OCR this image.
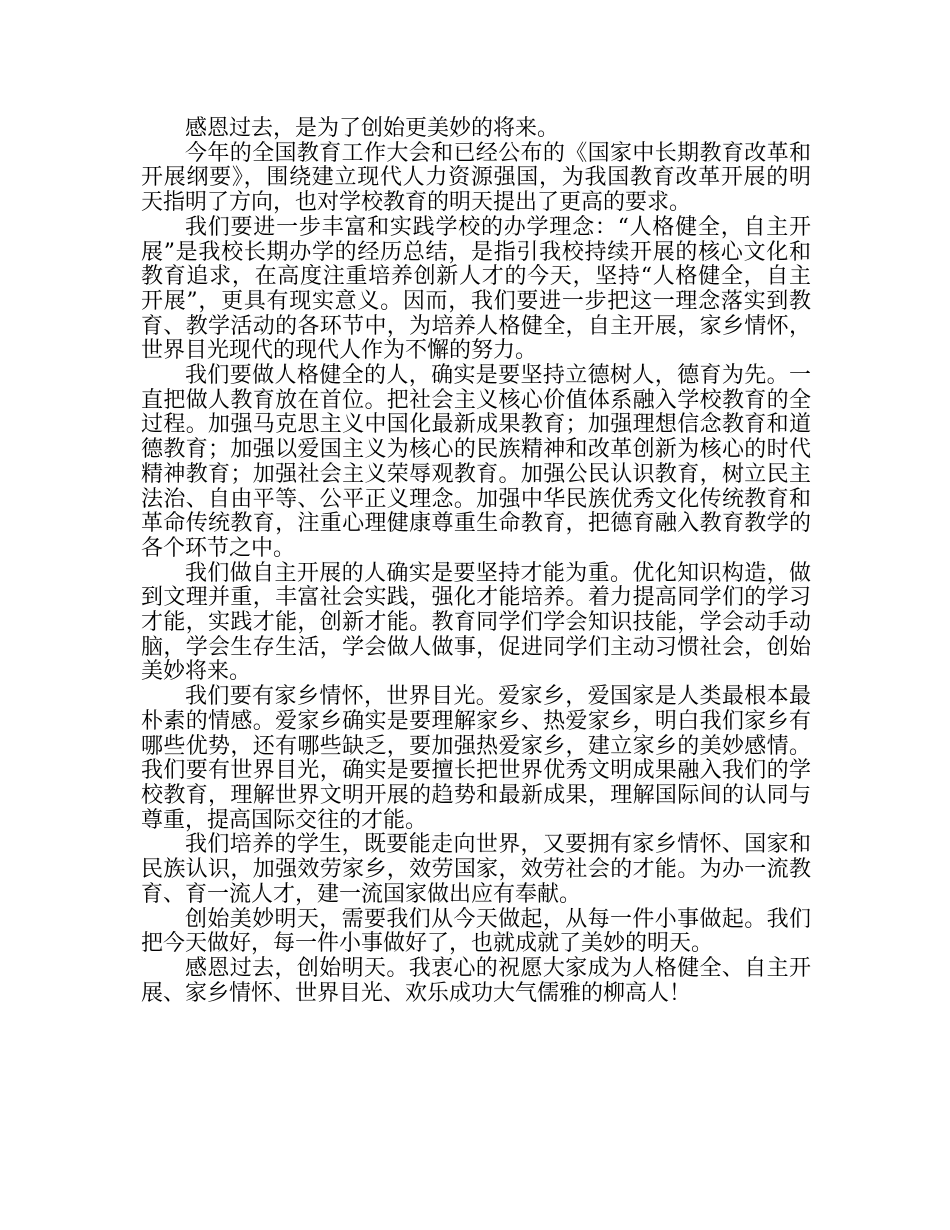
感恩过去，是为了创始更美妙的将来。

今年的全国教育工作大会和已经公布的《国家中长期教育改革和开展纲要》，围绕建立现代人力资源强国，为我国教育改革开展的明天指明了方向，也对学校教育的明天提出了更高的要求。

我们要进一步丰富和实践学校的办学理念：“人格健全，自主开展”是我校长期办学的经历总结，是指引我校持续开展的核心文化和教育追求，在高度注重培养创新人才的今天，坚持“人格健全，自主开展”，更具有现实意义。因而，我们要进一步把这一理念落实到教育、教学活动的各环节中，为培养人格健全，自主开展，家乡情怀，世界目光现代的现代人作为不懈的努力。

我们要做人格健全的人，确实是要坚持立德树人，德育为先。一直把做人教育放在首位。把社会主义核心价值体系融入学校教育的全过程。加强马克思主义中国化最新成果教育；加强理想信念教育和道德教育；加强以爱国主义为核心的民族精神和改革创新为核心的时代精神教育；加强社会主义荣辱观教育。加强公民认识教育，树立民主法治、自由平等、公平正义理念。加强中华民族优秀文化传统教育和革命传统教育，注重心理健康尊重生命教育，把德育融入教育教学的各个环节之中。

我们做自主开展的人确实是要坚持才能为重。优化知识构造，做到文理并重，丰富社会实践，强化才能培养。着力提高同学们的学习才能，实践才能，创新才能。教育同学们学会知识技能，学会动手动脑，学会生存生活，学会做人做事，促进同学们主动习惯社会，创始美妙将来。

我们要有家乡情怀，世界目光。爱家乡，爱国家是人类最根本最朴素的情感。爱家乡确实是要理解家乡、热爱家乡，明白我们家乡有哪些优势，还有哪些缺乏，要加强热爱家乡，建立家乡的美妙感情。我们要有世界目光，确实是要擅长把世界优秀文明成果融入我们的学校教育，理解世界文明开展的趋势和最新成果，理解国际间的认同与尊重，提高国际交往的才能。

我们培养的学生，既要能走向世界，又要拥有家乡情怀、国家和民族认识，加强效劳家乡，效劳国家，效劳社会的才能。为办一流教育、育一流人才，建一流国家做出应有奉献。

创始美妙明天，需要我们从今天做起，从每一件小事做起。我们把今天做好，每一件小事做好了，也就成就了美妙的明天。

感恩过去，创始明天。我衷心的祝愿大家成为人格健全、自主开展、家乡情怀、世界目光、欢乐成功大气儒雅的柳高人！
